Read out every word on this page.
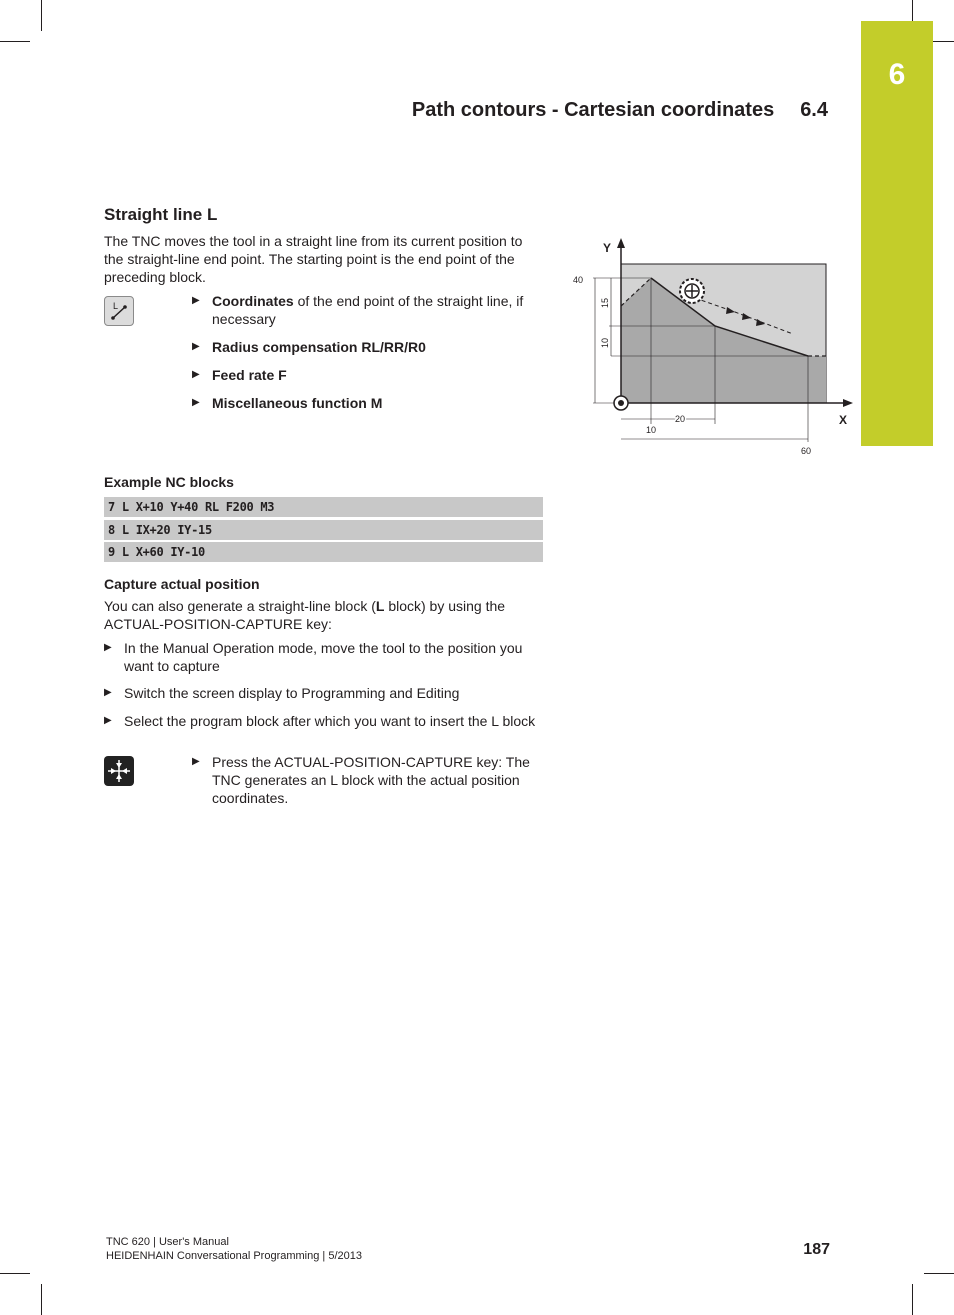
6
Path contours - Cartesian coordinates 6.4
Straight line L

The TNC moves the tool in a straight line from its current position to the straight-line end point. The starting point is the end point of the preceding block.

L	▶ Coordinates of the end point of the straight line, if necessary
▶ Radius compensation RL/RR/R0
▶ Feed rate F
▶ Miscellaneous function M
Y
X
40
15
10
10
20
60
Example NC blocks
7 L X+10 Y+40 RL F200 M3
8 L IX+20 IY-15
9 L X+60 IY-10
Capture actual position

You can also generate a straight-line block (L block) by using the ACTUAL-POSITION-CAPTURE key:

▶ In the Manual Operation mode, move the tool to the position you want to capture
▶ Switch the screen display to Programming and Editing
▶ Select the program block after which you want to insert the L block
▶ Press the ACTUAL-POSITION-CAPTURE key: The TNC generates an L block with the actual position coordinates.
TNC 620 | User's Manual
HEIDENHAIN Conversational Programming | 5/2013	187
